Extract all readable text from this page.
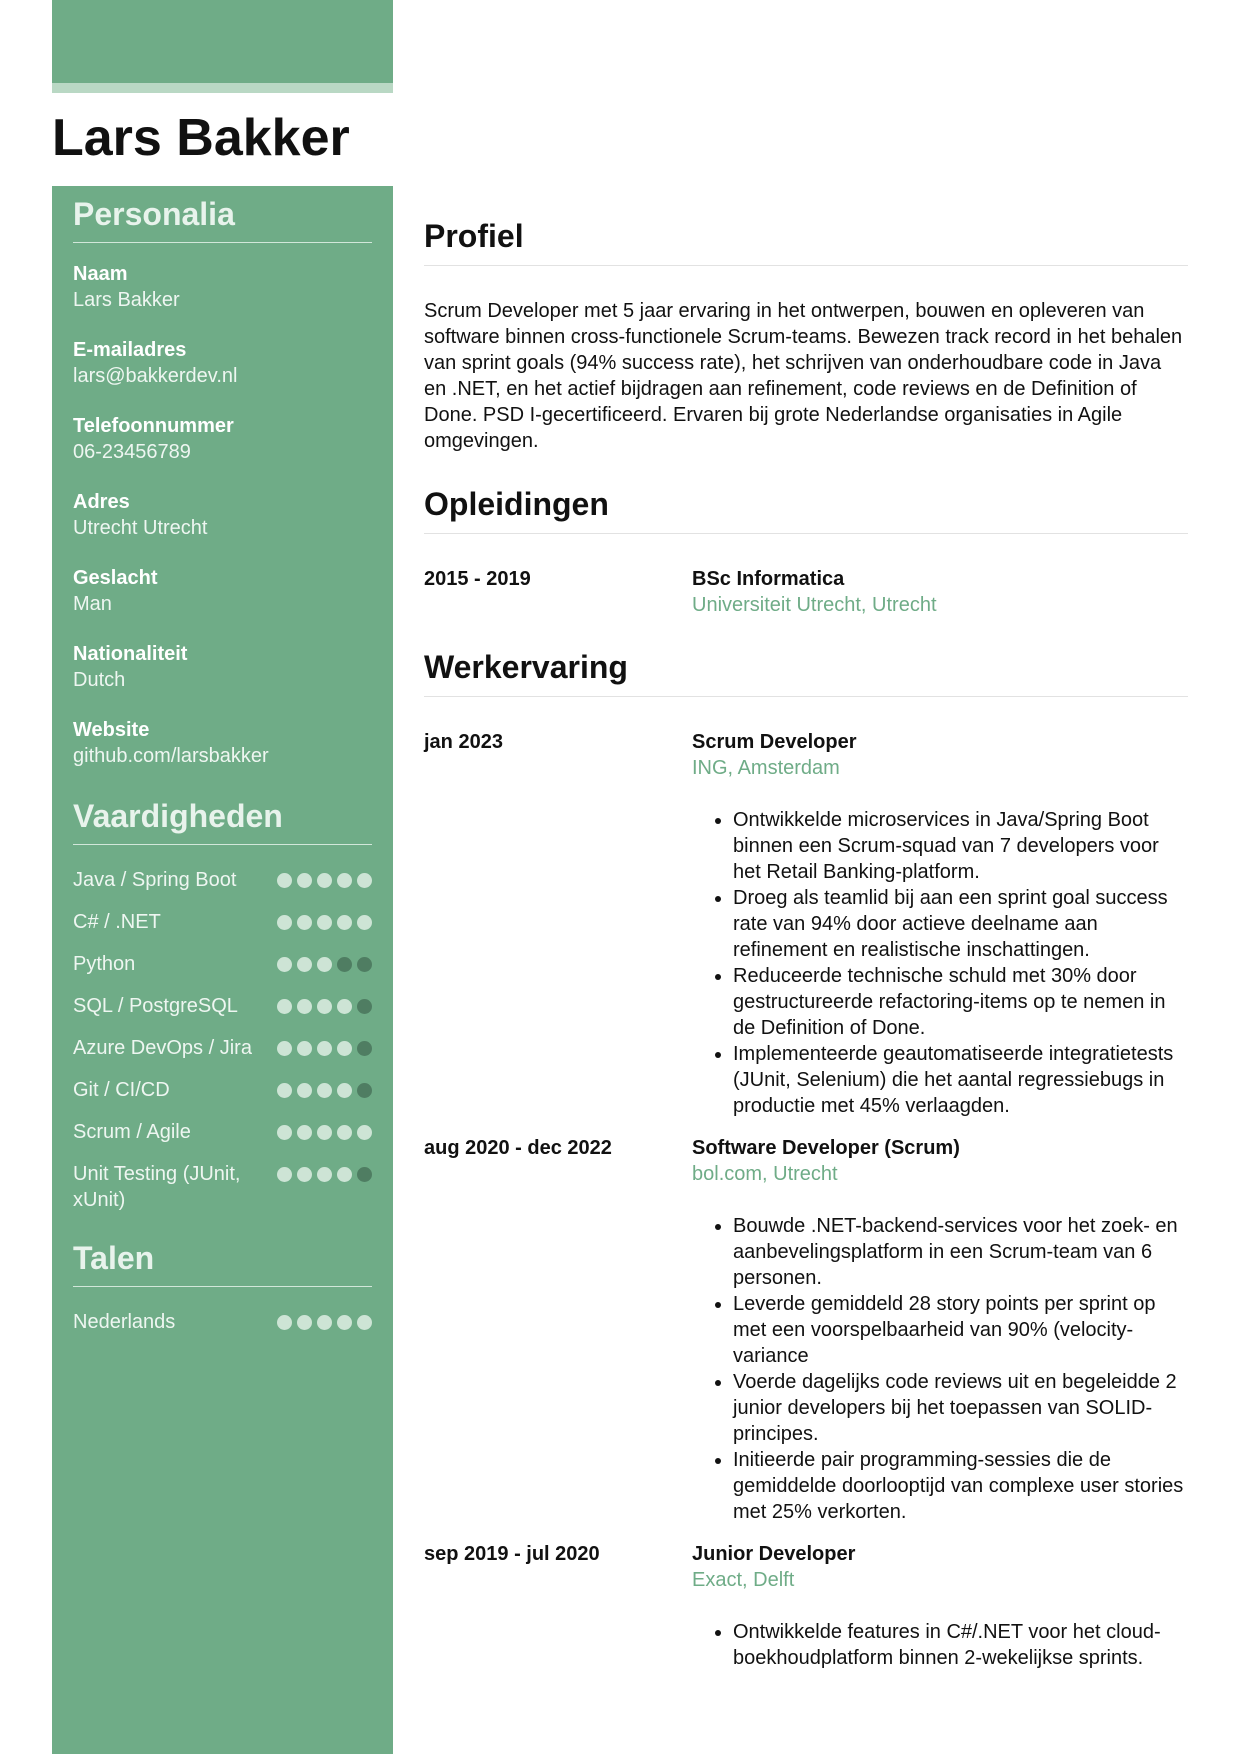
Lars Bakker
Personalia
Naam
Lars Bakker
E-mailadres
lars@bakkerdev.nl
Telefoonnummer
06-23456789
Adres
Utrecht Utrecht
Geslacht
Man
Nationaliteit
Dutch
Website
github.com/larsbakker
Vaardigheden
Java / Spring Boot
C# / .NET
Python
SQL / PostgreSQL
Azure DevOps / Jira
Git / CI/CD
Scrum / Agile
Unit Testing (JUnit, xUnit)
Talen
Nederlands
Profiel

Scrum Developer met 5 jaar ervaring in het ontwerpen, bouwen en opleveren van software binnen cross-functionele Scrum-teams. Bewezen track record in het behalen van sprint goals (94% success rate), het schrijven van onderhoudbare code in Java en .NET, en het actief bijdragen aan refinement, code reviews en de Definition of Done. PSD I-gecertificeerd. Ervaren bij grote Nederlandse organisaties in Agile omgevingen.

Opleidingen
2015 - 2019	BSc Informatica
Universiteit Utrecht, Utrecht
Werkervaring
jan 2023	Scrum Developer
ING, Amsterdam
• Ontwikkelde microservices in Java/Spring Boot binnen een Scrum-squad van 7 developers voor het Retail Banking-platform.
• Droeg als teamlid bij aan een sprint goal success rate van 94% door actieve deelname aan refinement en realistische inschattingen.
• Reduceerde technische schuld met 30% door gestructureerde refactoring-items op te nemen in de Definition of Done.
• Implementeerde geautomatiseerde integratietests (JUnit, Selenium) die het aantal regressiebugs in productie met 45% verlaagden.
aug 2020 - dec 2022	Software Developer (Scrum)
bol.com, Utrecht
• Bouwde .NET-backend-services voor het zoek- en aanbevelingsplatform in een Scrum-team van 6 personen.
• Leverde gemiddeld 28 story points per sprint op met een voorspelbaarheid van 90% (velocity-variance
• Voerde dagelijks code reviews uit en begeleidde 2 junior developers bij het toepassen van SOLID-principes.
• Initieerde pair programming-sessies die de gemiddelde doorlooptijd van complexe user stories met 25% verkorten.
sep 2019 - jul 2020	Junior Developer
Exact, Delft
• Ontwikkelde features in C#/.NET voor het cloud-boekhoudplatform binnen 2-wekelijkse sprints.
